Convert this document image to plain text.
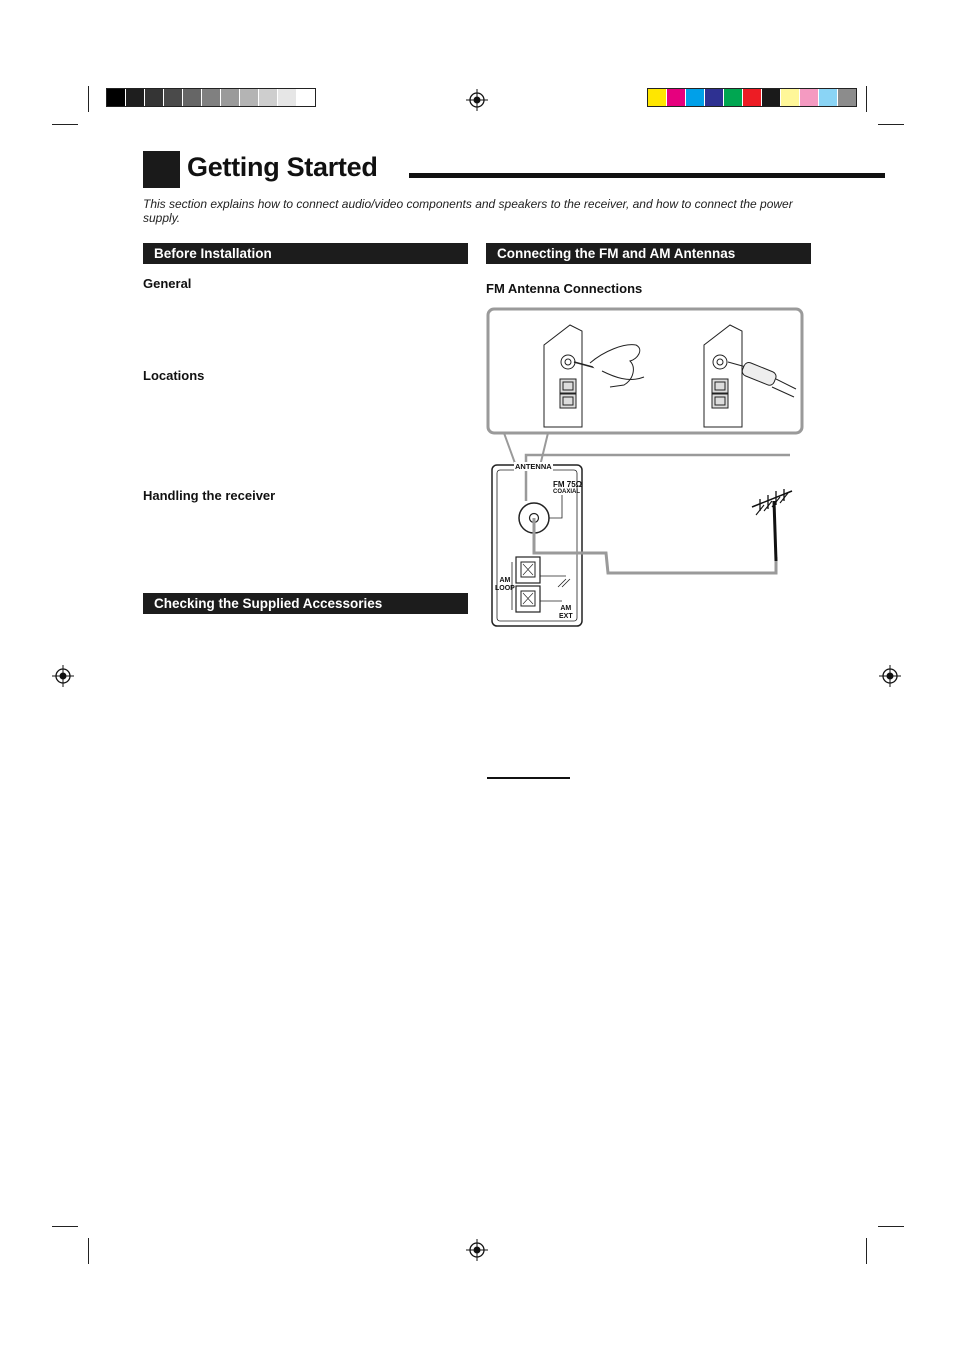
Getting Started
This section explains how to connect audio/video components and speakers to the receiver, and how to connect the power supply.
Before Installation
General
Locations
Handling the receiver
Checking the Supplied Accessories
Connecting the FM and AM Antennas
FM Antenna Connections
ANTENNA
FM 75Ω
COAXIAL
AM
LOOP
AM
EXT
